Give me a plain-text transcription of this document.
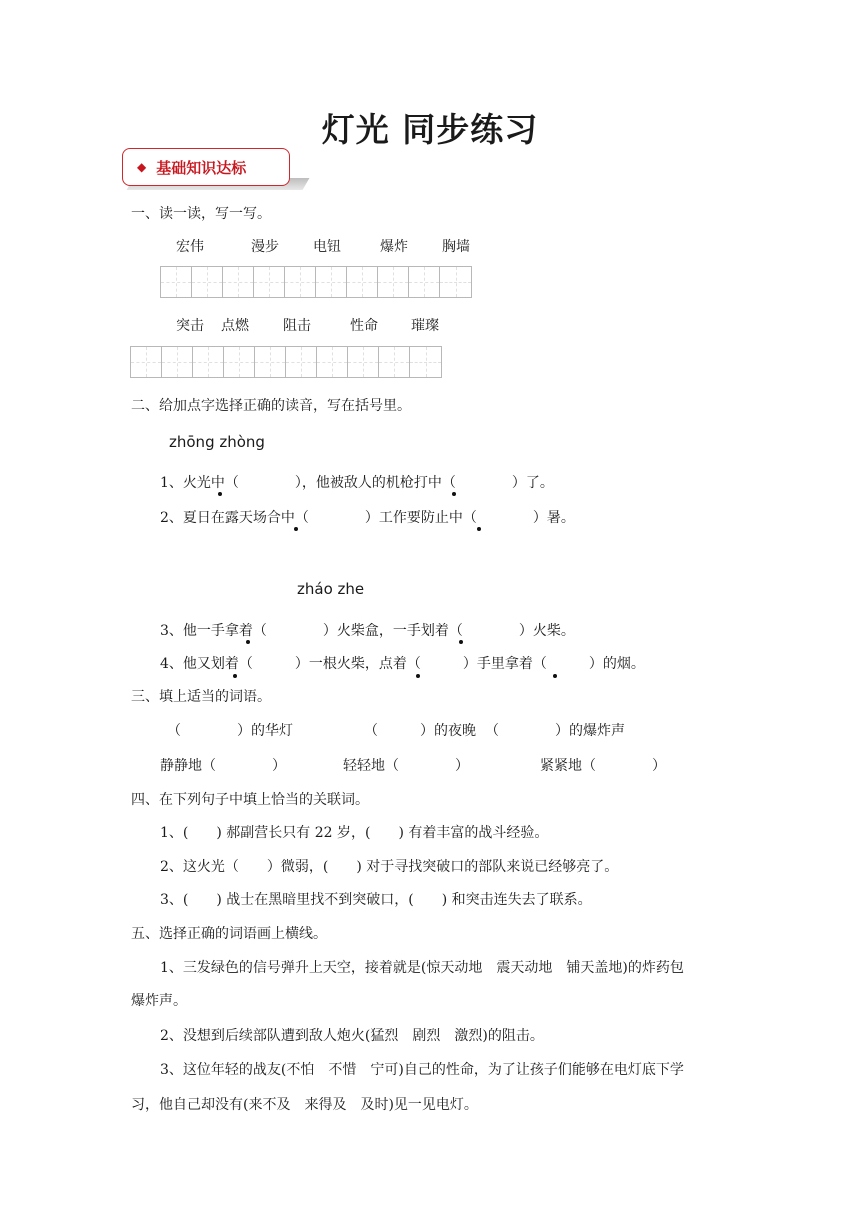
灯光 同步练习

◆ 基础知识达标

一、读一读，写一写。
宏伟	漫步 电钮	爆炸 胸墙
突击 点燃 阻击	性命 璀璨
二、给加点字选择正确的读音，写在括号里。
zhōng zhòng
1、火光中（　　　　），他被敌人的机枪打中（　　　　）了。
2、夏日在露天场合中（　　　　）工作要防止中（　　　　）暑。
zháo zhe
3、他一手拿着（　　　　）火柴盒，一手划着（　　　　）火柴。
4、他又划着（　　　）一根火柴，点着（　　　）手里拿着（　　　）的烟。
三、填上适当的词语。
（　　　　）的华灯	（　　　）的夜晚 （　　　　）的爆炸声
静静地（　　　　）	轻轻地（　　　　）	紧紧地（　　　　）
四、在下列句子中填上恰当的关联词。
1、(　　) 郝副营长只有 22 岁，(　　) 有着丰富的战斗经验。
2、这火光（　　）微弱，(　　) 对于寻找突破口的部队来说已经够亮了。
3、(　　) 战士在黑暗里找不到突破口，(　　) 和突击连失去了联系。
五、选择正确的词语画上横线。
1、三发绿色的信号弹升上天空，接着就是(惊天动地　震天动地　铺天盖地)的炸药包
爆炸声。
2、没想到后续部队遭到敌人炮火(猛烈　剧烈　激烈)的阻击。
3、这位年轻的战友(不怕　不惜　宁可)自己的性命，为了让孩子们能够在电灯底下学
习，他自己却没有(来不及　来得及　及时)见一见电灯。
